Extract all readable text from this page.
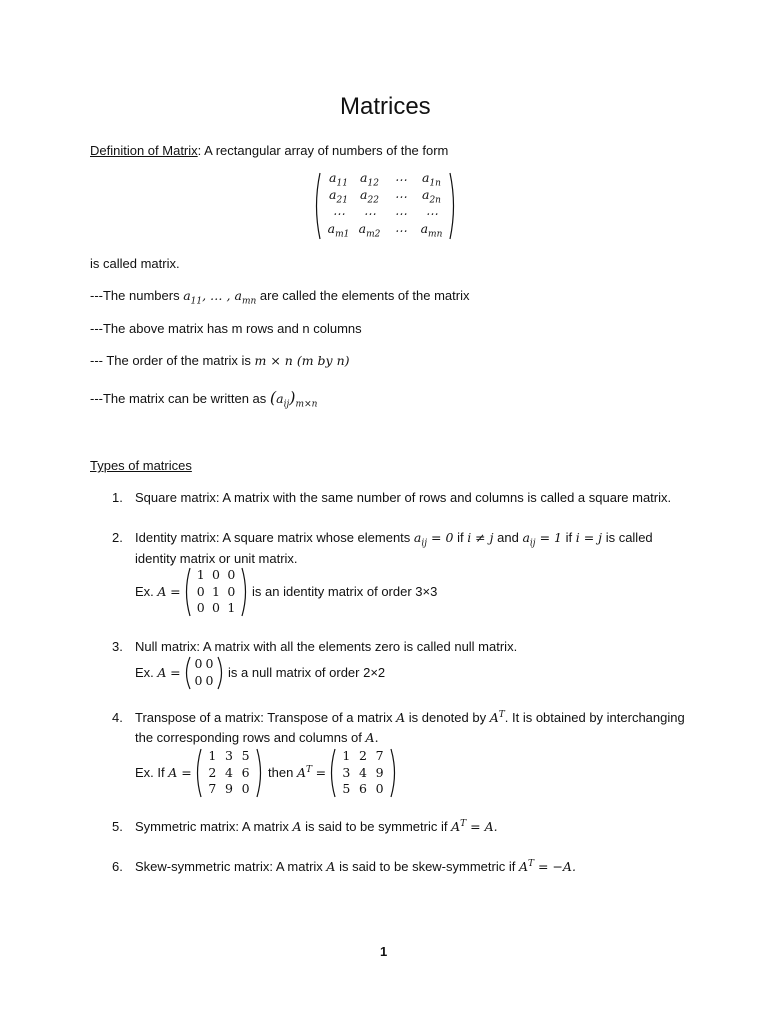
Matrices
Definition of Matrix: A rectangular array of numbers of the form
$a_{11}$ $a_{12}$ ⋯ $a_{1n}$
$a_{21}$ $a_{22}$ ⋯ $a_{2n}$
⋯ ⋯ ⋯ ⋯
$a_{m1}$ $a_{m2}$ ⋯ $a_{mn}$
is called matrix.
---The numbers $a_{11}$, … , $a_{mn}$ are called the elements of the matrix
---The above matrix has m rows and n columns
--- The order of the matrix is m × n (m by n)
---The matrix can be written as $(a_{ij})_{m\times n}$
Types of matrices
1. Square matrix: A matrix with the same number of rows and columns is called a square matrix.
2. Identity matrix: A square matrix whose elements $a_{ij} = 0$ if i ≠ j and $a_{ij} = 1$ if i = j is called
identity matrix or unit matrix.
Ex. A =
1 0 0
0 1 0
0 0 1
is an identity matrix of order 3×3
3. Null matrix: A matrix with all the elements zero is called null matrix.
Ex. A =
0 0
0 0
is a null matrix of order 2×2
4. Transpose of a matrix: Transpose of a matrix A is denoted by $A^T$. It is obtained by interchanging
the corresponding rows and columns of A.
Ex. If A =
1 3 5
2 4 6
7 9 0
then $A^T$ =
1 2 7
3 4 9
5 6 0
5. Symmetric matrix: A matrix A is said to be symmetric if $A^T = A$.
6. Skew-symmetric matrix: A matrix A is said to be skew-symmetric if $A^T = -A$.
1
